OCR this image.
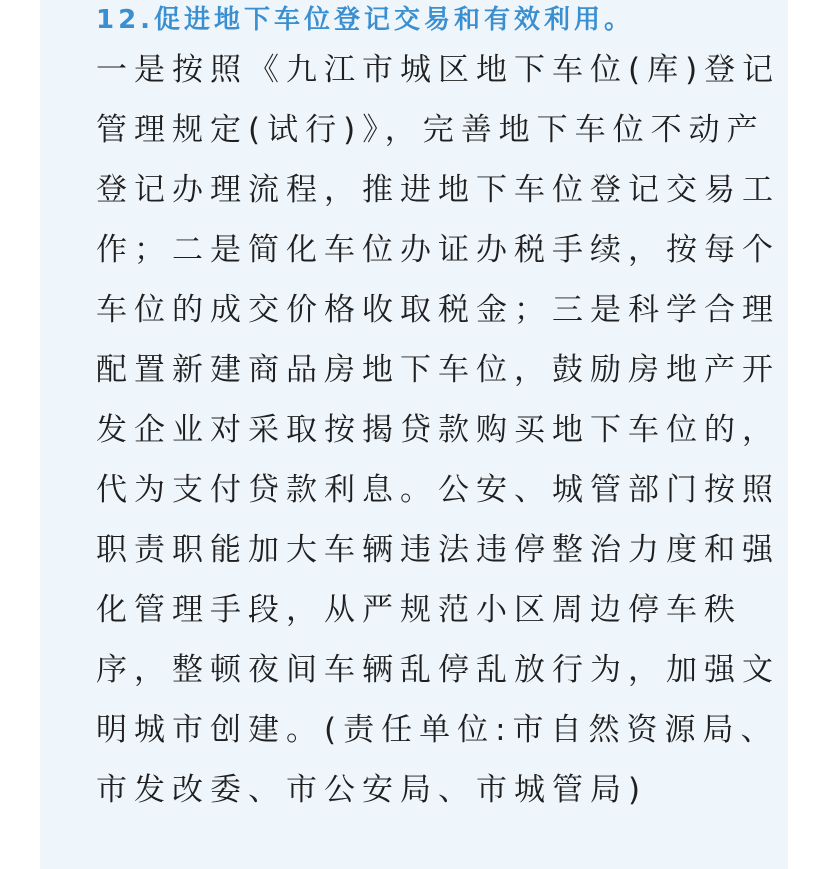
12.促进地下车位登记交易和有效利用。
一是按照《九江市城区地下车位(库)登记
管理规定(试行)》，完善地下车位不动产
登记办理流程，推进地下车位登记交易工
作；二是简化车位办证办税手续，按每个
车位的成交价格收取税金；三是科学合理
配置新建商品房地下车位，鼓励房地产开
发企业对采取按揭贷款购买地下车位的，
代为支付贷款利息。公安、城管部门按照
职责职能加大车辆违法违停整治力度和强
化管理手段，从严规范小区周边停车秩
序，整顿夜间车辆乱停乱放行为，加强文
明城市创建。(责任单位:市自然资源局、
市发改委、市公安局、市城管局)
